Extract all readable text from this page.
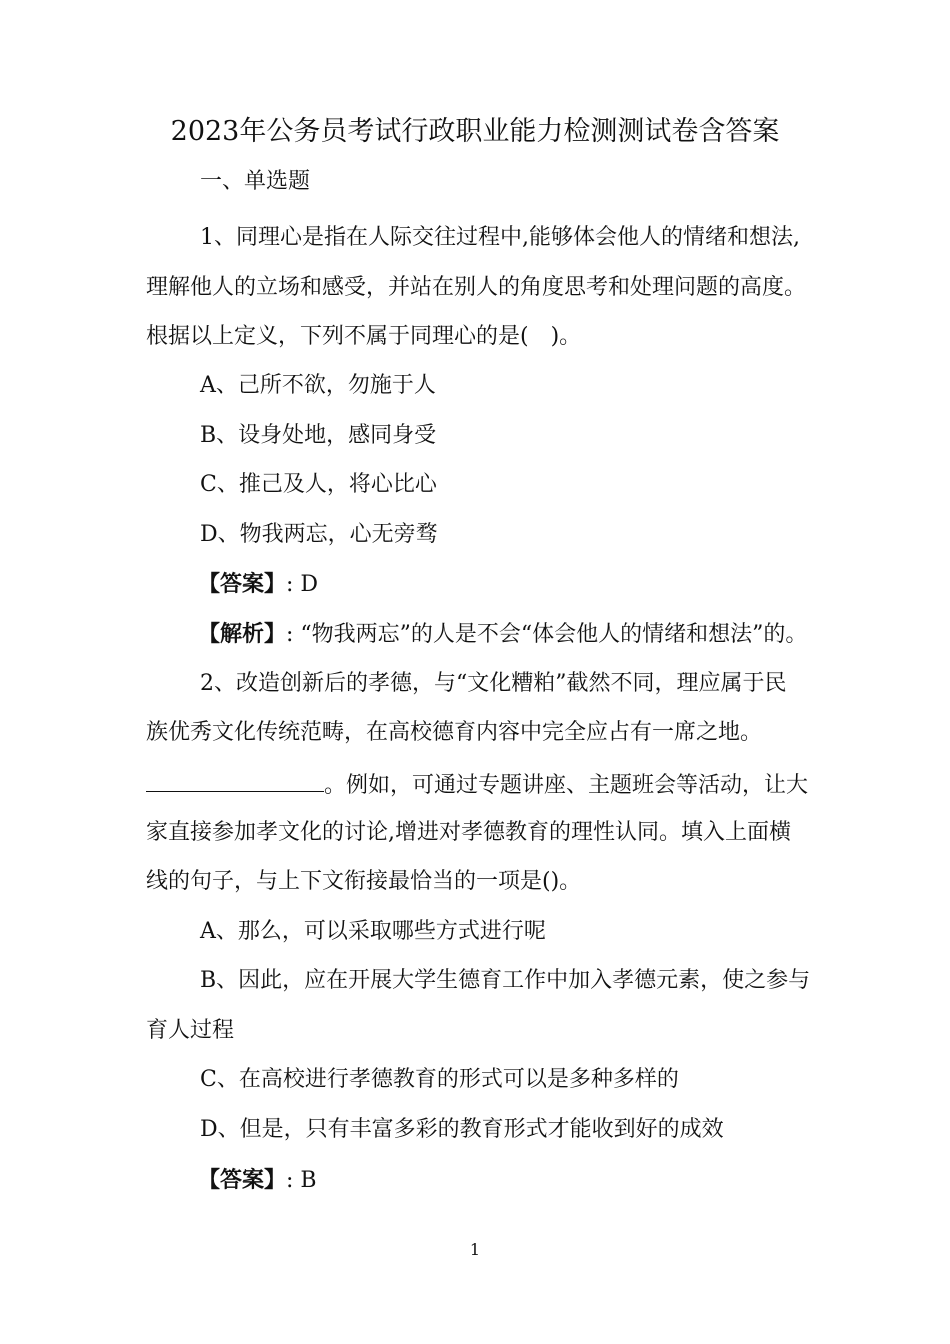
2023年公务员考试行政职业能力检测测试卷含答案
一、单选题
1、同理心是指在人际交往过程中,能够体会他人的情绪和想法,
理解他人的立场和感受，并站在别人的角度思考和处理问题的高度。
根据以上定义，下列不属于同理心的是(　)。
A、己所不欲，勿施于人
B、设身处地，感同身受
C、推己及人，将心比心
D、物我两忘，心无旁骛
【答案】: D
【解析】: “物我两忘”的人是不会“体会他人的情绪和想法”的。
2、改造创新后的孝德，与“文化糟粕”截然不同，理应属于民
族优秀文化传统范畴，在高校德育内容中完全应占有一席之地。
。例如，可通过专题讲座、主题班会等活动，让大
家直接参加孝文化的讨论,增进对孝德教育的理性认同。填入上面横
线的句子，与上下文衔接最恰当的一项是()。
A、那么，可以采取哪些方式进行呢
B、因此，应在开展大学生德育工作中加入孝德元素，使之参与
育人过程
C、在高校进行孝德教育的形式可以是多种多样的
D、但是，只有丰富多彩的教育形式才能收到好的成效
【答案】: B
1
